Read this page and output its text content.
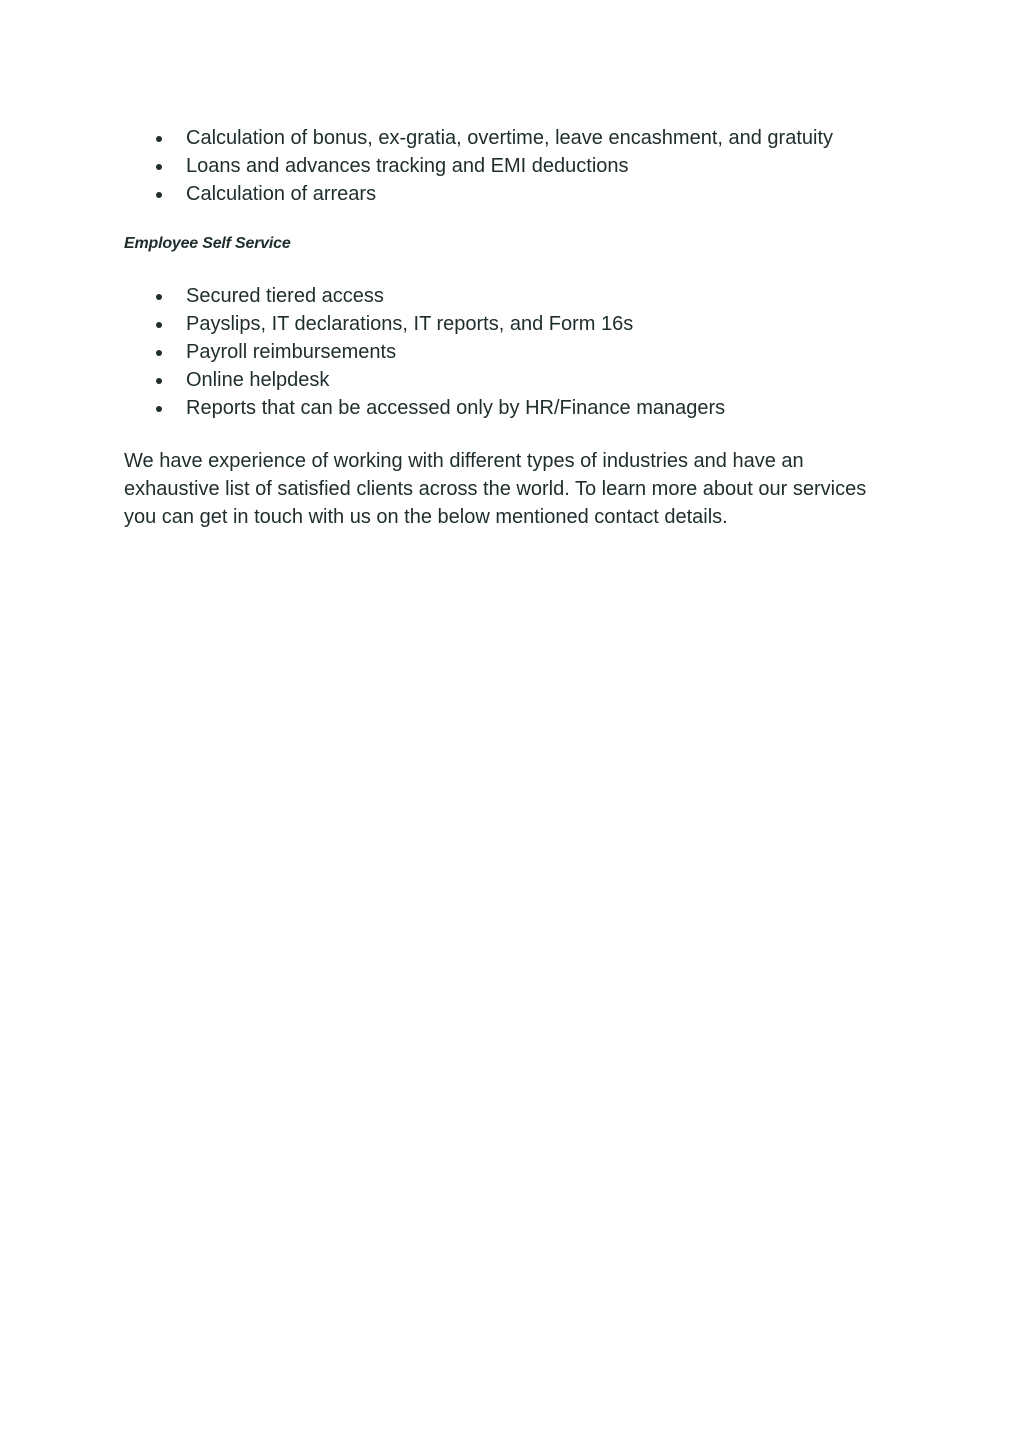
Calculation of bonus, ex-gratia, overtime, leave encashment, and gratuity
Loans and advances tracking and EMI deductions
Calculation of arrears
Employee Self Service
Secured tiered access
Payslips, IT declarations, IT reports, and Form 16s
Payroll reimbursements
Online helpdesk
Reports that can be accessed only by HR/Finance managers

We have experience of working with different types of industries and have an exhaustive list of satisfied clients across the world. To learn more about our services you can get in touch with us on the below mentioned contact details.
